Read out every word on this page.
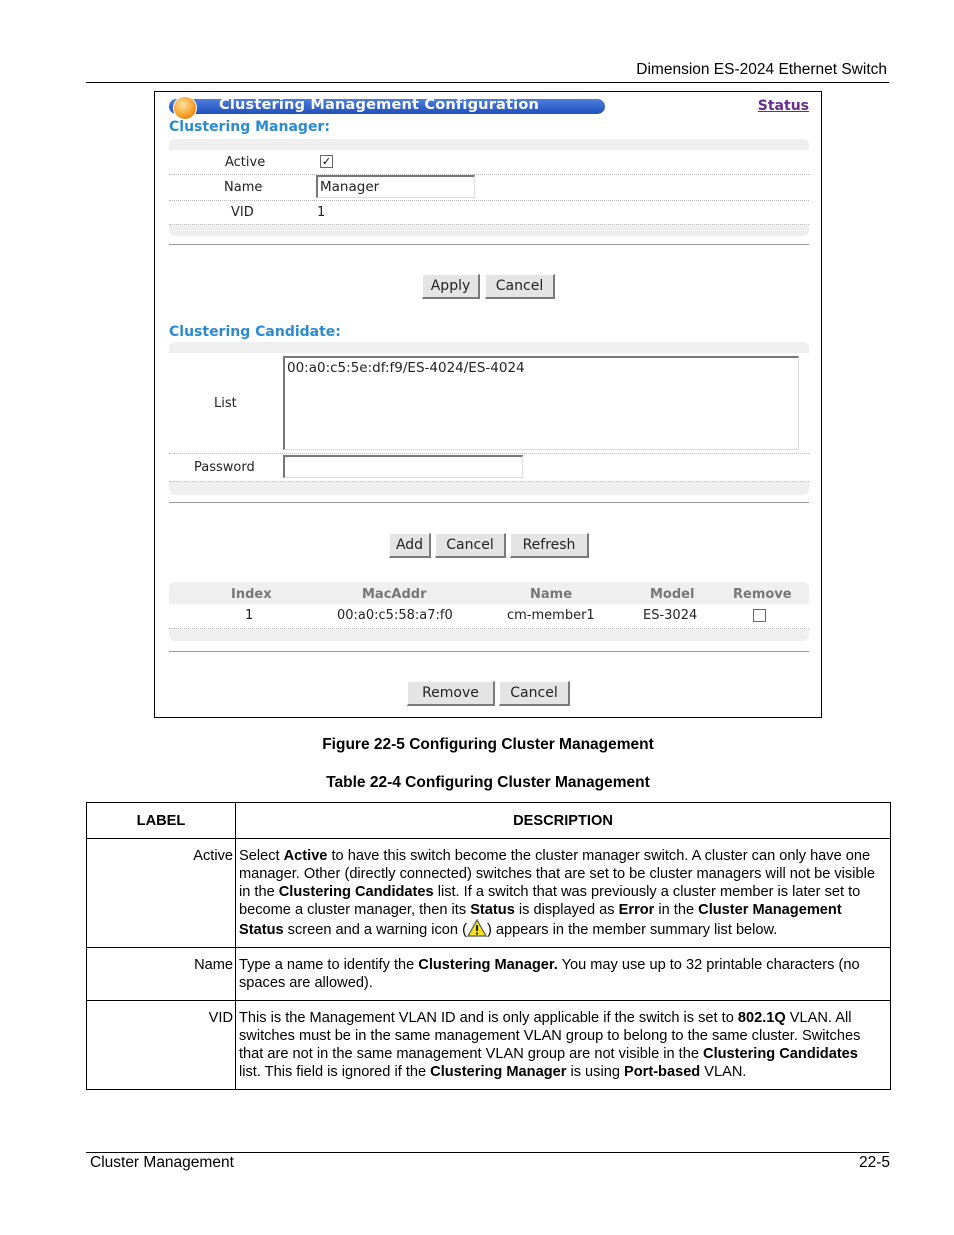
Dimension ES-2024 Ethernet Switch
Clustering Management Configuration	Status
Clustering Manager:
Active	✓
Name	Manager
VID	1
Apply	Cancel
Clustering Candidate:
List
00:a0:c5:5e:df:f9/ES-4024/ES-4024
Password
Add	Cancel	Refresh
Index	MacAddr	Name	Model	Remove
1	00:a0:c5:58:a7:f0	cm-member1	ES-3024
Remove	Cancel
Figure 22-5 Configuring Cluster Management
Table 22-4 Configuring Cluster Management
LABEL	DESCRIPTION
Active	Select Active to have this switch become the cluster manager switch. A cluster can only have one manager. Other (directly connected) switches that are set to be cluster managers will not be visible in the Clustering Candidates list. If a switch that was previously a cluster member is later set to become a cluster manager, then its Status is displayed as Error in the Cluster Management Status screen and a warning icon ( ) appears in the member summary list below.
Name	Type a name to identify the Clustering Manager. You may use up to 32 printable characters (no spaces are allowed).
VID	This is the Management VLAN ID and is only applicable if the switch is set to 802.1Q VLAN. All switches must be in the same management VLAN group to belong to the same cluster. Switches that are not in the same management VLAN group are not visible in the Clustering Candidates list. This field is ignored if the Clustering Manager is using Port-based VLAN.
Cluster Management	22-5
